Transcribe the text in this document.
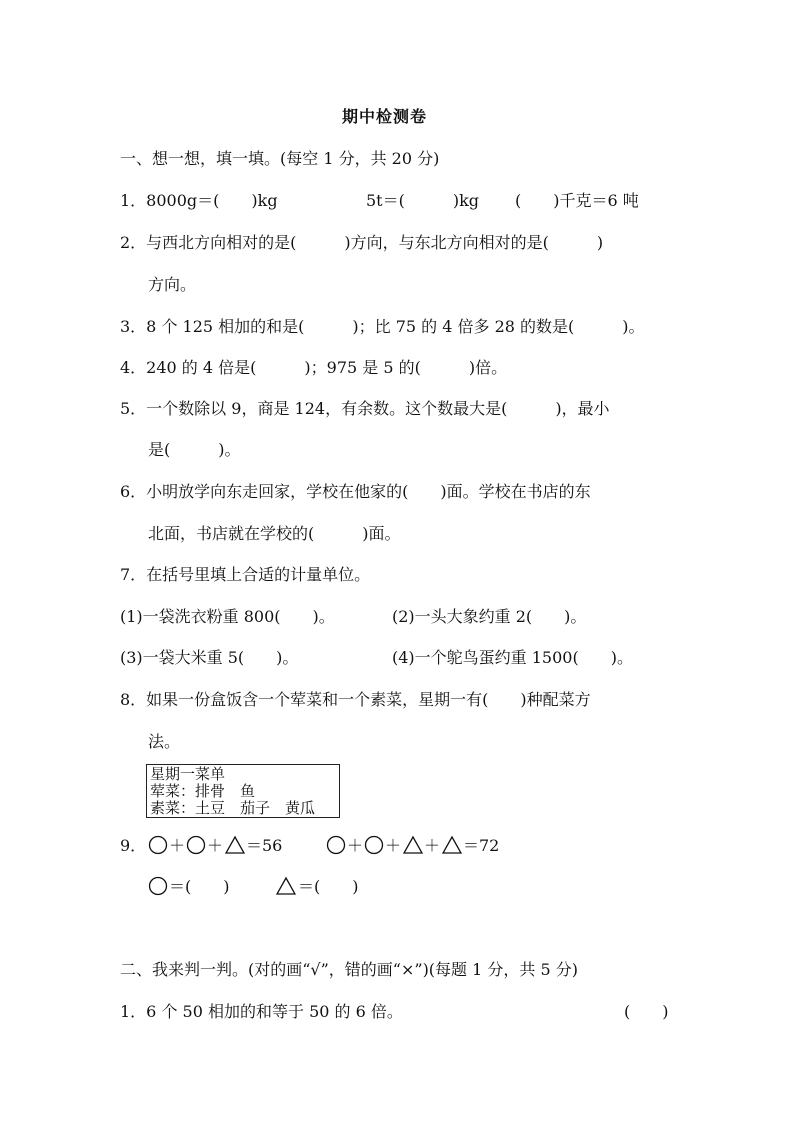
期中检测卷
一、想一想，填一填。(每空 1 分，共 20 分)
1．8000g＝(　　)kg	5t＝(　　　)kg (　　)千克＝6 吨
2．与西北方向相对的是(　　　)方向，与东北方向相对的是(　　　)
方向。
3．8 个 125 相加的和是(　　　)；比 75 的 4 倍多 28 的数是(　　　)。
4．240 的 4 倍是(　　　)；975 是 5 的(　　　)倍。
5．一个数除以 9，商是 124，有余数。这个数最大是(　　　)，最小
是(　　　)。
6．小明放学向东走回家，学校在他家的(　　)面。学校在书店的东
北面，书店就在学校的(　　　)面。
7．在括号里填上合适的计量单位。
(1)一袋洗衣粉重 800(　　)。	(2)一头大象约重 2(　　)。
(3)一袋大米重 5(　　)。	(4)一个鸵鸟蛋约重 1500(　　)。
8．如果一份盒饭含一个荤菜和一个素菜，星期一有(　　)种配菜方
法。
星期一菜单
荤菜：排骨　鱼
素菜：土豆　茄子　黄瓜
9． ＋ ＋ ＝56	＋ ＋ ＋ ＝72
＝(　　)	＝(　　)
二、我来判一判。(对的画“√”，错的画“×”)(每题 1 分，共 5 分)
1．6 个 50 相加的和等于 50 的 6 倍。	(　　)
